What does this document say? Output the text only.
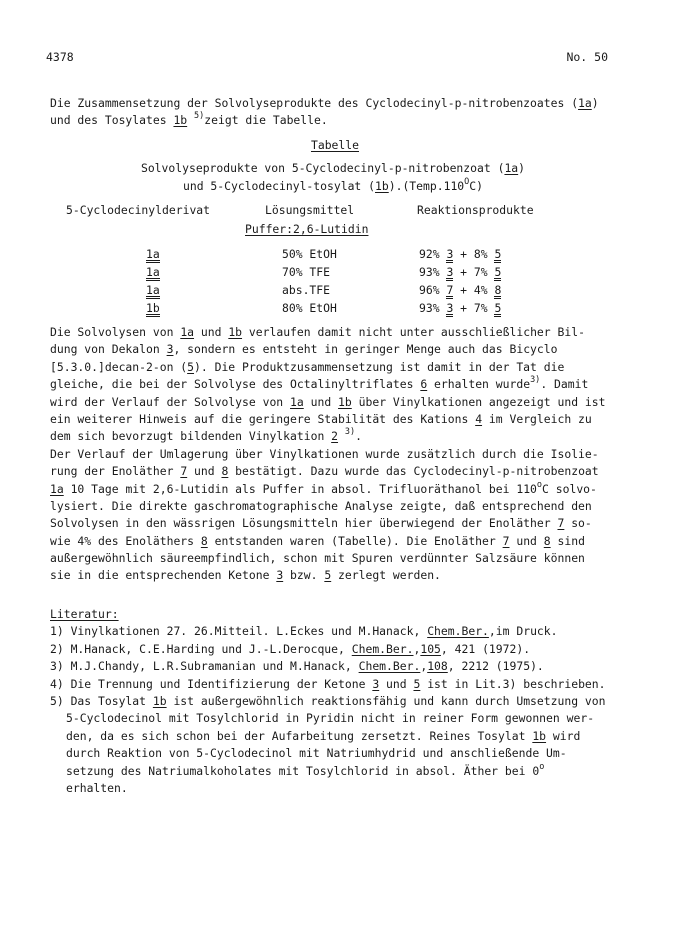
4378	No. 50
Die Zusammensetzung der Solvolyseprodukte des Cyclodecinyl-p-nitrobenzoates (1a)
und des Tosylates 1b $^{5)}$zeigt die Tabelle.
Tabelle
Solvolyseprodukte von 5-Cyclodecinyl-p-nitrobenzoat (1a)
und 5-Cyclodecinyl-tosylat $(1b).(Temp.110^OC)$
5-Cyclodecinylderivat	Lösungsmittel	Reaktionsprodukte
Puffer:2,6-Lutidin
1a	50% EtOH	92% 3 + 8% 5
1a	70% TFE	93% 3 + 7% 5
1a	abs.TFE	96% 7 + 4% 8
1b	80% EtOH	93% 3 + 7% 5
Die Solvolysen von 1a und 1b verlaufen damit nicht unter ausschließlicher Bil-
dung von Dekalon 3, sondern es entsteht in geringer Menge auch das Bicyclo
[5.3.0.]decan-2-on (5). Die Produktzusammensetzung ist damit in der Tat die
gleiche, die bei der Solvolyse des Octalinyltriflates 6 erhalten wurde$^{3)}$. Damit
wird der Verlauf der Solvolyse von 1a und 1b über Vinylkationen angezeigt und ist
ein weiterer Hinweis auf die geringere Stabilität des Kations 4 im Vergleich zu
dem sich bevorzugt bildenden Vinylkation 2 $^{3)}$.
Der Verlauf der Umlagerung über Vinylkationen wurde zusätzlich durch die Isolie-
rung der Enoläther 7 und 8 bestätigt. Dazu wurde das Cyclodecinyl-p-nitrobenzoat
1a 10 Tage mit 2,6-Lutidin als Puffer in absol. Trifluoräthanol bei 110$^o$C solvo-
lysiert. Die direkte gaschromatographische Analyse zeigte, daß entsprechend den
Solvolysen in den wässrigen Lösungsmitteln hier überwiegend der Enoläther 7 so-
wie 4% des Enoläthers 8 entstanden waren (Tabelle). Die Enoläther 7 und 8 sind
außergewöhnlich säureempfindlich, schon mit Spuren verdünnter Salzsäure können
sie in die entsprechenden Ketone 3 bzw. 5 zerlegt werden.
Literatur:
1) Vinylkationen 27. 26.Mitteil. L.Eckes und M.Hanack, Chem.Ber.,im Druck.
2) M.Hanack, C.E.Harding und J.-L.Derocque, Chem.Ber.,105, 421 (1972).
3) M.J.Chandy, L.R.Subramanian und M.Hanack, Chem.Ber.,108, 2212 (1975).
4) Die Trennung und Identifizierung der Ketone 3 und 5 ist in Lit.3) beschrieben.
5) Das Tosylat 1b ist außergewöhnlich reaktionsfähig und kann durch Umsetzung von
5-Cyclodecinol mit Tosylchlorid in Pyridin nicht in reiner Form gewonnen wer-
den, da es sich schon bei der Aufarbeitung zersetzt. Reines Tosylat 1b wird
durch Reaktion von 5-Cyclodecinol mit Natriumhydrid und anschließende Um-
setzung des Natriumalkoholates mit Tosylchlorid in absol. Äther bei 0$^o$
erhalten.
